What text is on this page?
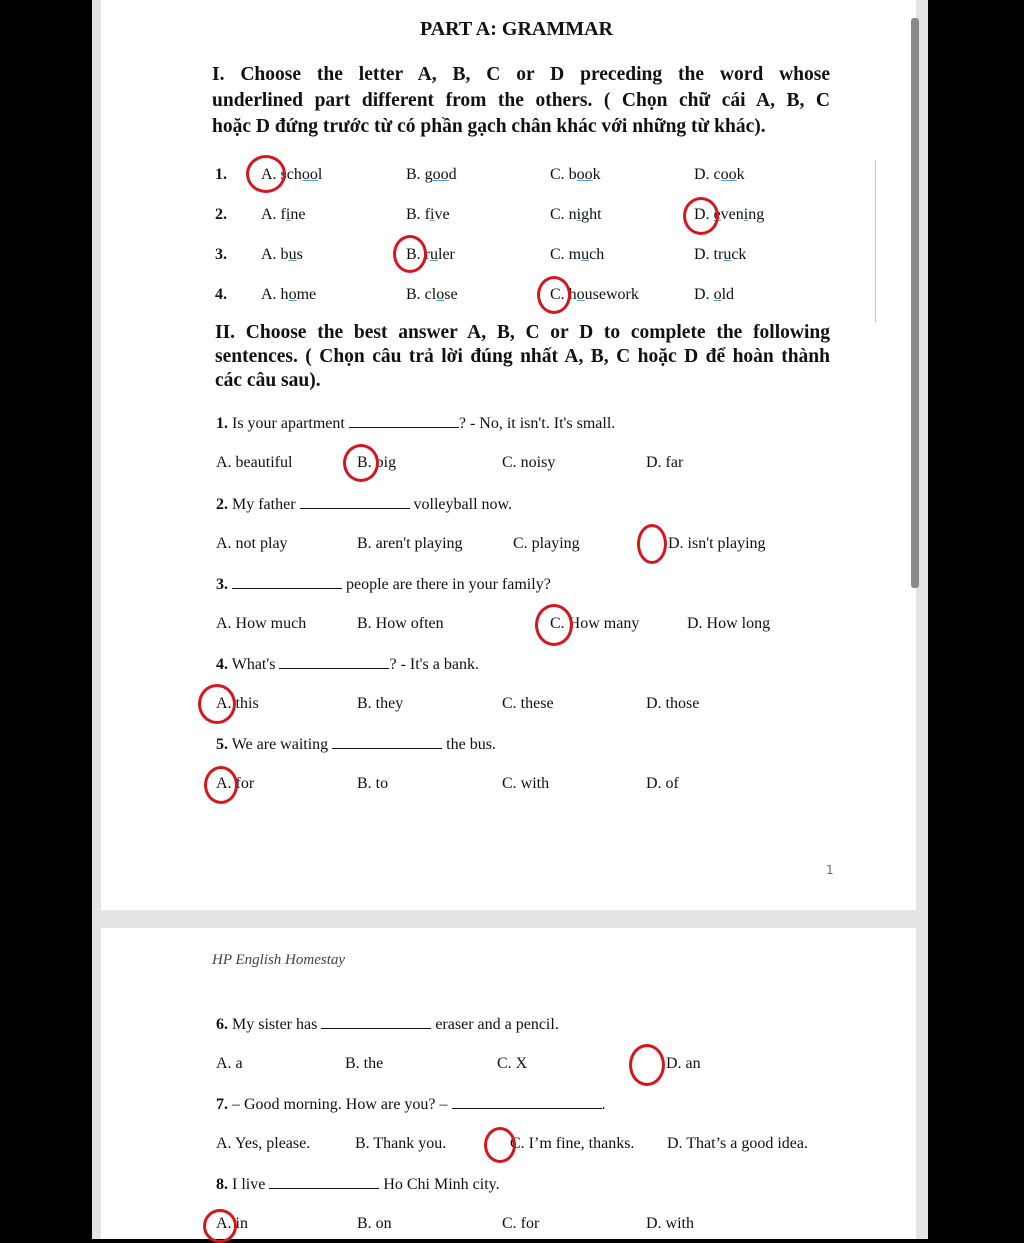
PART A: GRAMMAR
I. Choose the letter A, B, C or D preceding the word whose
underlined part different from the others. ( Chọn chữ cái A, B, C
hoặc D đứng trước từ có phần gạch chân khác với những từ khác).
1. A. school	B. good	C. book	D. cook
2. A. fine	B. five	C. night	D. evening
3. A. bus	B. ruler	C. much	D. truck
4. A. home	B. close	C. housework	D. old
II. Choose the best answer A, B, C or D to complete the following
sentences. ( Chọn câu trả lời đúng nhất A, B, C hoặc D để hoàn thành
các câu sau).
1. Is your apartment	? - No, it isn't. It's small.
A. beautiful	B. big	C. noisy	D. far
2. My father	volleyball now.
A. not play	B. aren't playing	C. playing	D. isn't playing
3.	people are there in your family?
A. How much	B. How often	C. How many	D. How long
4. What's	? - It's a bank.
A. this	B. they	C. these	D. those
5. We are waiting	the bus.
A. for	B. to	C. with	D. of
6. My sister has	eraser and a pencil.
A. a	B. the	C. X	D. an
7. – Good morning. How are you? –	.
A. Yes, please.	B. Thank you.	C. I’m fine, thanks. D. That’s a good idea.
8. I live	Ho Chi Minh city.
A. in	B. on	C. for	D. with
1
HP English Homestay
